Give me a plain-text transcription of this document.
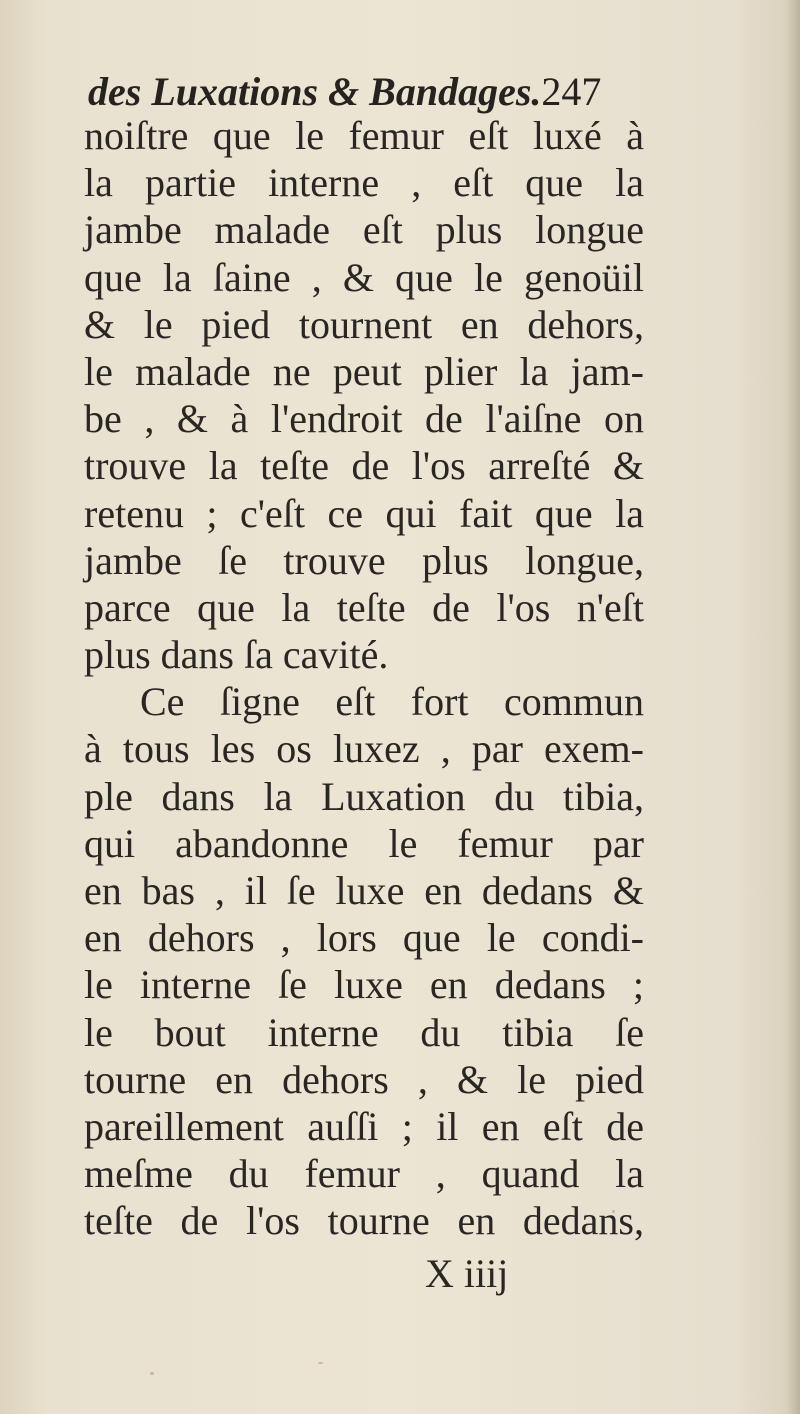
des Luxations & Bandages.247
noiſtre que le femur eſt luxé à
la partie interne , eſt que la
jambe malade eſt plus longue
que la ſaine , & que le genoüil
& le pied tournent en dehors,
le malade ne peut plier la jam-
be , & à l'endroit de l'aiſne on
trouve la teſte de l'os arreſté &
retenu ; c'eſt ce qui fait que la
jambe ſe trouve plus longue,
parce que la teſte de l'os n'eſt
plus dans ſa cavité.
Ce ſigne eſt fort commun
à tous les os luxez , par exem-
ple dans la Luxation du tibia,
qui abandonne le femur par
en bas , il ſe luxe en dedans &
en dehors , lors que le condi-
le interne ſe luxe en dedans ;
le bout interne du tibia ſe
tourne en dehors , & le pied
pareillement auſſi ; il en eſt de
meſme du femur , quand la
teſte de l'os tourne en dedans,
X iiij
